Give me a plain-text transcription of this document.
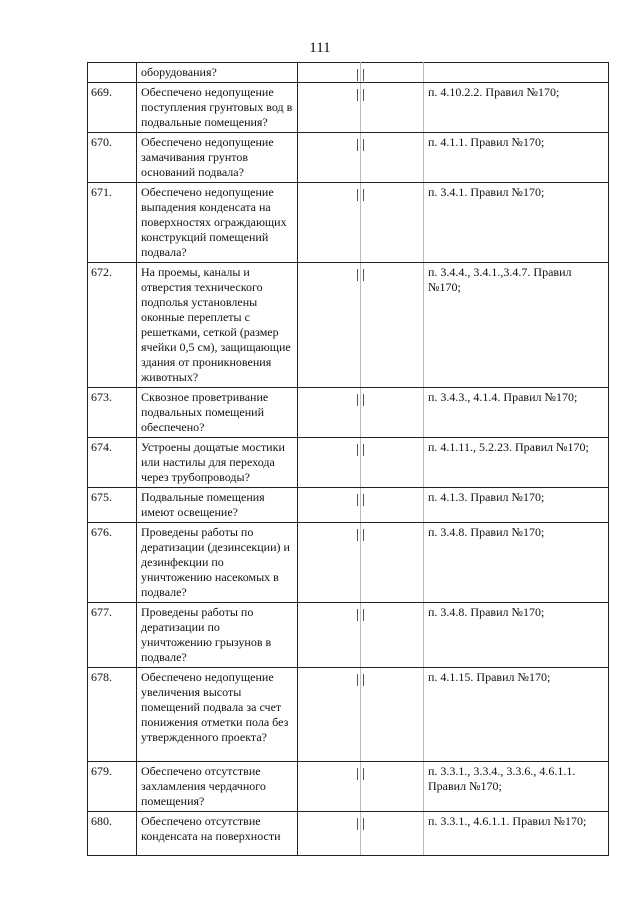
111
	оборудования?	

669.	Обеспечено недопущение поступления грунтовых вод в подвальные помещения?			п. 4.10.2.2. Правил №170;
670.	Обеспечено недопущение замачивания грунтов оснований подвала?			п. 4.1.1. Правил №170;
671.	Обеспечено недопущение выпадения конденсата на поверхностях ограждающих конструкций помещений подвала?			п. 3.4.1. Правил №170;
672.	На проемы, каналы и отверстия технического подполья установлены оконные переплеты с решетками, сеткой (размер ячейки 0,5 см), защищающие здания от проникновения животных?			п. 3.4.4., 3.4.1.,3.4.7. Правил №170;
673.	Сквозное проветривание подвальных помещений обеспечено?			п. 3.4.3., 4.1.4. Правил №170;
674.	Устроены дощатые мостики или настилы для перехода через трубопроводы?			п. 4.1.11., 5.2.23. Правил №170;
675.	Подвальные помещения имеют освещение?			п. 4.1.3. Правил №170;
676.	Проведены работы по дератизации (дезинсекции) и дезинфекции по уничтожению насекомых в подвале?			п. 3.4.8. Правил №170;
677.	Проведены работы по дератизации по уничтожению грызунов в подвале?			п. 3.4.8. Правил №170;
678.	Обеспечено недопущение увеличения высоты помещений подвала за счет понижения отметки пола без утвержденного проекта?			п. 4.1.15. Правил №170;
679.	Обеспечено отсутствие захламления чердачного помещения?			п. 3.3.1., 3.3.4., 3.3.6., 4.6.1.1. Правил №170;
680.	Обеспечено отсутствие конденсата на поверхности			п. 3.3.1., 4.6.1.1. Правил №170;
